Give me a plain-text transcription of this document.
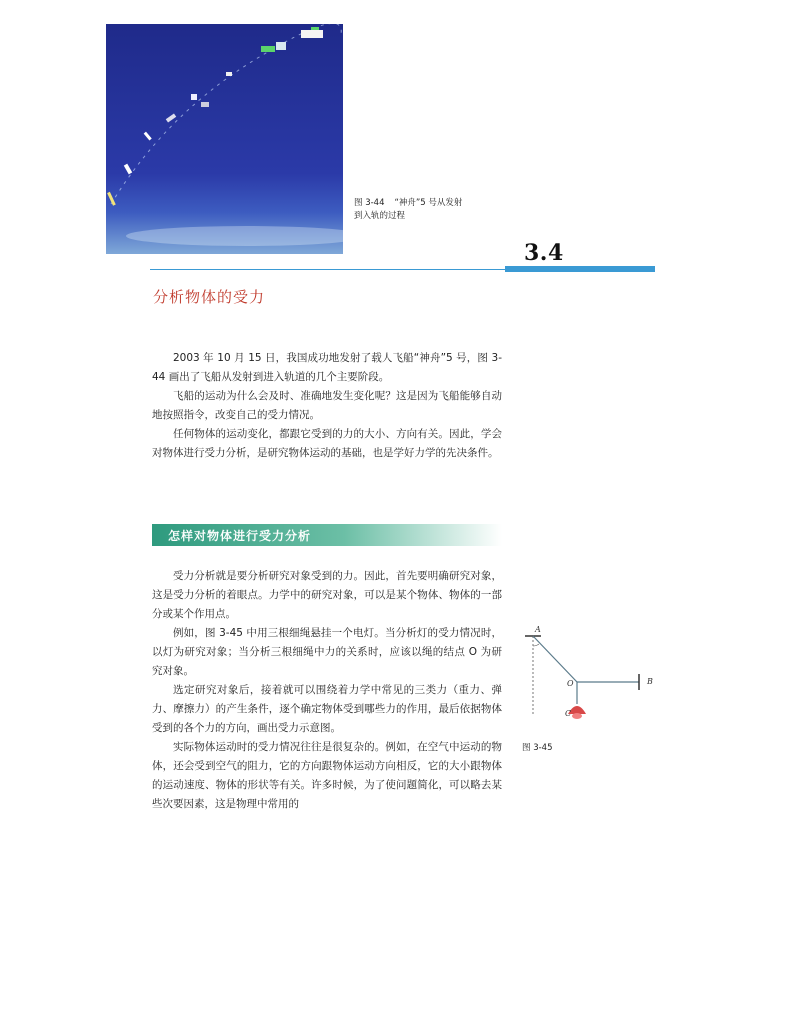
图 3-44 “神舟”5 号从发射
到入轨的过程
3.4
分析物体的受力

2003 年 10 月 15 日，我国成功地发射了载人飞船“神舟”5 号，图 3-44 画出了飞船从发射到进入轨道的几个主要阶段。

飞船的运动为什么会及时、准确地发生变化呢？这是因为飞船能够自动地按照指令，改变自己的受力情况。

任何物体的运动变化，都跟它受到的力的大小、方向有关。因此，学会对物体进行受力分析，是研究物体运动的基础，也是学好力学的先决条件。

怎样对物体进行受力分析

受力分析就是要分析研究对象受到的力。因此，首先要明确研究对象，这是受力分析的着眼点。力学中的研究对象，可以是某个物体、物体的一部分或某个作用点。

例如，图 3-45 中用三根细绳悬挂一个电灯。当分析灯的受力情况时，以灯为研究对象；当分析三根细绳中力的关系时，应该以绳的结点 O 为研究对象。

选定研究对象后，接着就可以围绕着力学中常见的三类力（重力、弹力、摩擦力）的产生条件，逐个确定物体受到哪些力的作用，最后依据物体受到的各个力的方向，画出受力示意图。

实际物体运动时的受力情况往往是很复杂的。例如，在空气中运动的物体，还会受到空气的阻力，它的方向跟物体运动方向相反，它的大小跟物体的运动速度、物体的形状等有关。许多时候，为了使问题简化，可以略去某些次要因素，这是物理中常用的

A
B
O
C
图 3-45
